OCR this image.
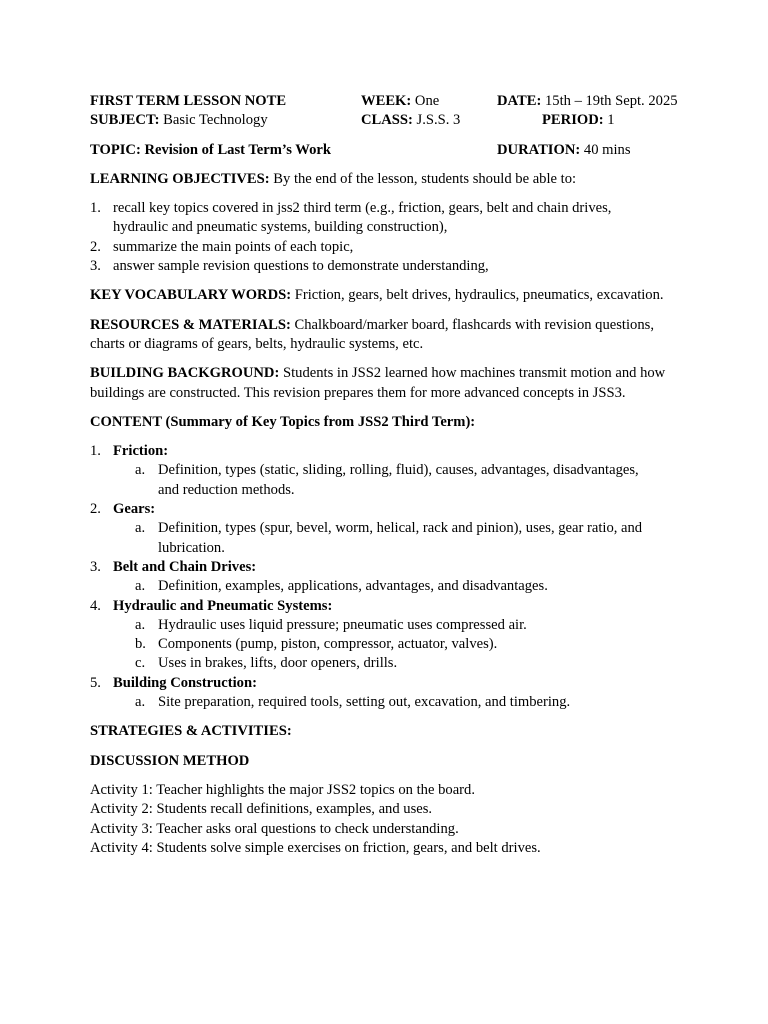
FIRST TERM LESSON NOTE	WEEK: One	DATE: 15th – 19th Sept. 2025
SUBJECT: Basic Technology	CLASS: J.S.S. 3	PERIOD: 1
TOPIC: Revision of Last Term’s Work	DURATION: 40 mins

LEARNING OBJECTIVES: By the end of the lesson, students should be able to:

1. recall key topics covered in jss2 third term (e.g., friction, gears, belt and chain drives, hydraulic and pneumatic systems, building construction),
2. summarize the main points of each topic,
3. answer sample revision questions to demonstrate understanding,

KEY VOCABULARY WORDS: Friction, gears, belt drives, hydraulics, pneumatics, excavation.

RESOURCES & MATERIALS: Chalkboard/marker board, flashcards with revision questions, charts or diagrams of gears, belts, hydraulic systems, etc.

BUILDING BACKGROUND: Students in JSS2 learned how machines transmit motion and how buildings are constructed. This revision prepares them for more advanced concepts in JSS3.

CONTENT (Summary of Key Topics from JSS2 Third Term):

1. Friction:
a. Definition, types (static, sliding, rolling, fluid), causes, advantages, disadvantages, and reduction methods.
2. Gears:
a. Definition, types (spur, bevel, worm, helical, rack and pinion), uses, gear ratio, and lubrication.
3. Belt and Chain Drives:
a. Definition, examples, applications, advantages, and disadvantages.
4. Hydraulic and Pneumatic Systems:
a. Hydraulic uses liquid pressure; pneumatic uses compressed air.
b. Components (pump, piston, compressor, actuator, valves).
c. Uses in brakes, lifts, door openers, drills.
5. Building Construction:
a. Site preparation, required tools, setting out, excavation, and timbering.

STRATEGIES & ACTIVITIES:

DISCUSSION METHOD

Activity 1: Teacher highlights the major JSS2 topics on the board.
Activity 2: Students recall definitions, examples, and uses.
Activity 3: Teacher asks oral questions to check understanding.
Activity 4: Students solve simple exercises on friction, gears, and belt drives.
